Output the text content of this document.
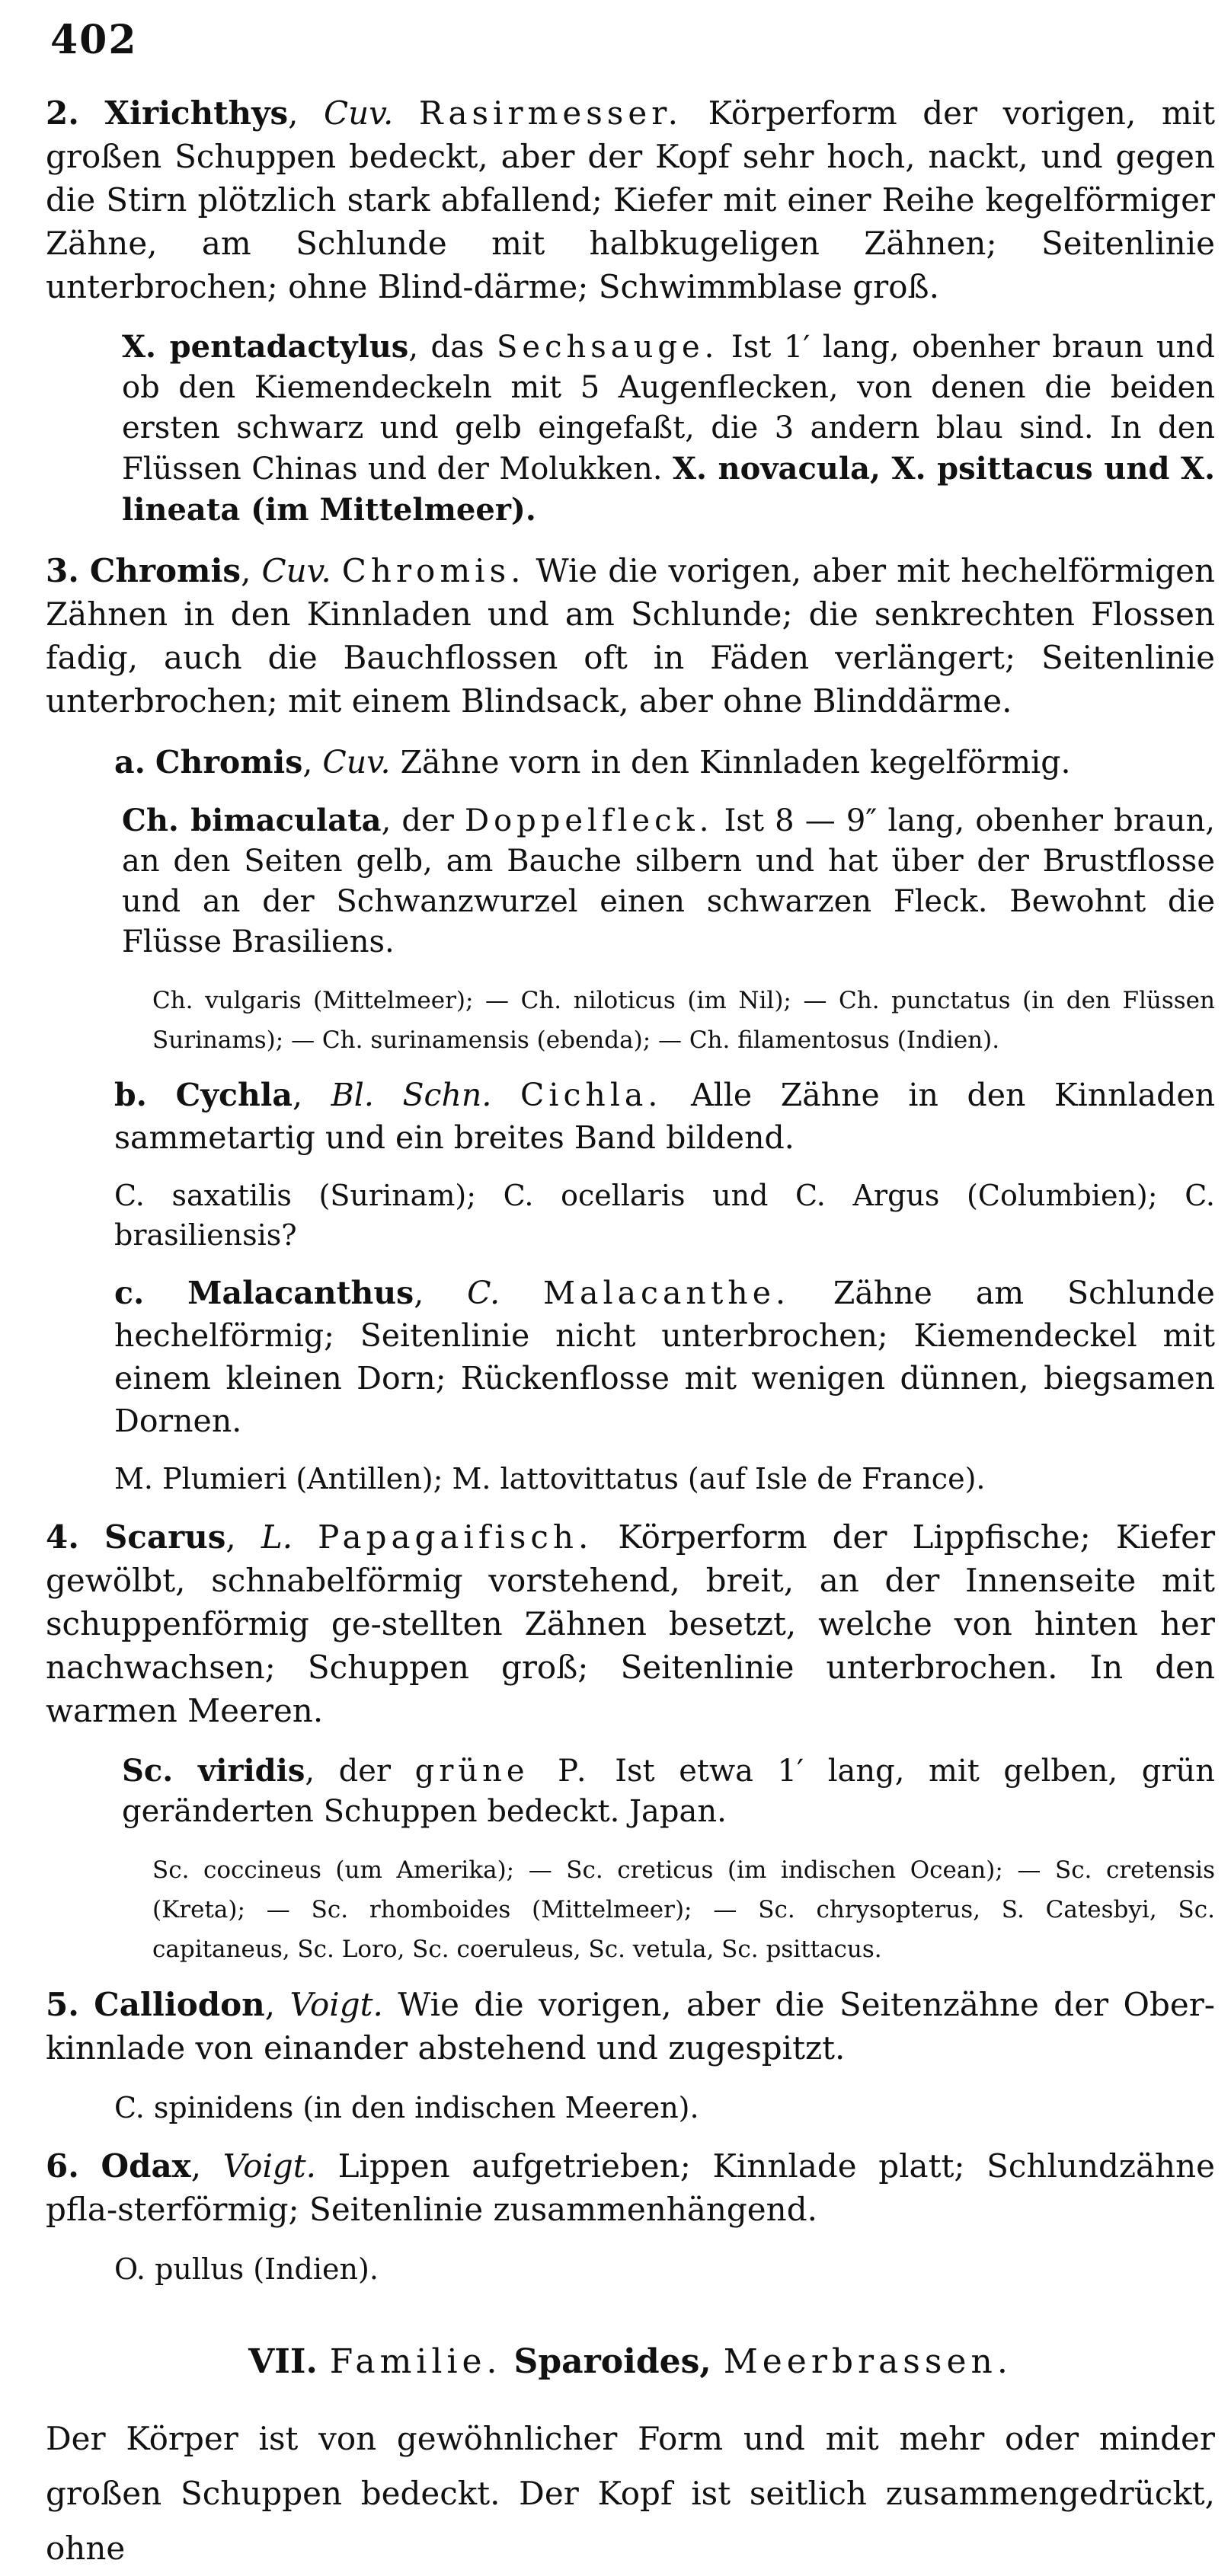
402

2. Xirichthys, Cuv. Rasirmesser. Körperform der vorigen, mit großen Schuppen bedeckt, aber der Kopf sehr hoch, nackt, und gegen die Stirn plötzlich stark abfallend; Kiefer mit einer Reihe kegelförmiger Zähne, am Schlunde mit halbkugeligen Zähnen; Seitenlinie unterbrochen; ohne Blind-därme; Schwimmblase groß.

X. pentadactylus, das Sechsauge. Ist 1′ lang, obenher braun und ob den Kiemendeckeln mit 5 Augenflecken, von denen die beiden ersten schwarz und gelb eingefaßt, die 3 andern blau sind. In den Flüssen Chinas und der Molukken. X. novacula, X. psittacus und X. lineata (im Mittelmeer).

3. Chromis, Cuv. Chromis. Wie die vorigen, aber mit hechelförmigen Zähnen in den Kinnladen und am Schlunde; die senkrechten Flossen fadig, auch die Bauchflossen oft in Fäden verlängert; Seitenlinie unterbrochen; mit einem Blindsack, aber ohne Blinddärme.

a. Chromis, Cuv. Zähne vorn in den Kinnladen kegelförmig.

Ch. bimaculata, der Doppelfleck. Ist 8 — 9″ lang, obenher braun, an den Seiten gelb, am Bauche silbern und hat über der Brustflosse und an der Schwanzwurzel einen schwarzen Fleck. Bewohnt die Flüsse Brasiliens.

Ch. vulgaris (Mittelmeer); — Ch. niloticus (im Nil); — Ch. punctatus (in den Flüssen Surinams); — Ch. surinamensis (ebenda); — Ch. filamentosus (Indien).

b. Cychla, Bl. Schn. Cichla. Alle Zähne in den Kinnladen sammetartig und ein breites Band bildend.

C. saxatilis (Surinam); C. ocellaris und C. Argus (Columbien); C. brasiliensis?

c. Malacanthus, C. Malacanthe. Zähne am Schlunde hechelförmig; Seitenlinie nicht unterbrochen; Kiemendeckel mit einem kleinen Dorn; Rückenflosse mit wenigen dünnen, biegsamen Dornen.

M. Plumieri (Antillen); M. lattovittatus (auf Isle de France).

4. Scarus, L. Papagaifisch. Körperform der Lippfische; Kiefer gewölbt, schnabelförmig vorstehend, breit, an der Innenseite mit schuppenförmig ge-stellten Zähnen besetzt, welche von hinten her nachwachsen; Schuppen groß; Seitenlinie unterbrochen. In den warmen Meeren.

Sc. viridis, der grüne P. Ist etwa 1′ lang, mit gelben, grün geränderten Schuppen bedeckt. Japan.

Sc. coccineus (um Amerika); — Sc. creticus (im indischen Ocean); — Sc. cretensis (Kreta); — Sc. rhomboides (Mittelmeer); — Sc. chrysopterus, S. Catesbyi, Sc. capitaneus, Sc. Loro, Sc. coeruleus, Sc. vetula, Sc. psittacus.

5. Calliodon, Voigt. Wie die vorigen, aber die Seitenzähne der Ober-kinnlade von einander abstehend und zugespitzt.

C. spinidens (in den indischen Meeren).

6. Odax, Voigt. Lippen aufgetrieben; Kinnlade platt; Schlundzähne pfla-sterförmig; Seitenlinie zusammenhängend.

O. pullus (Indien).

VII. Familie. Sparoides, Meerbrassen.

Der Körper ist von gewöhnlicher Form und mit mehr oder minder großen Schuppen bedeckt. Der Kopf ist seitlich zusammengedrückt, ohne
